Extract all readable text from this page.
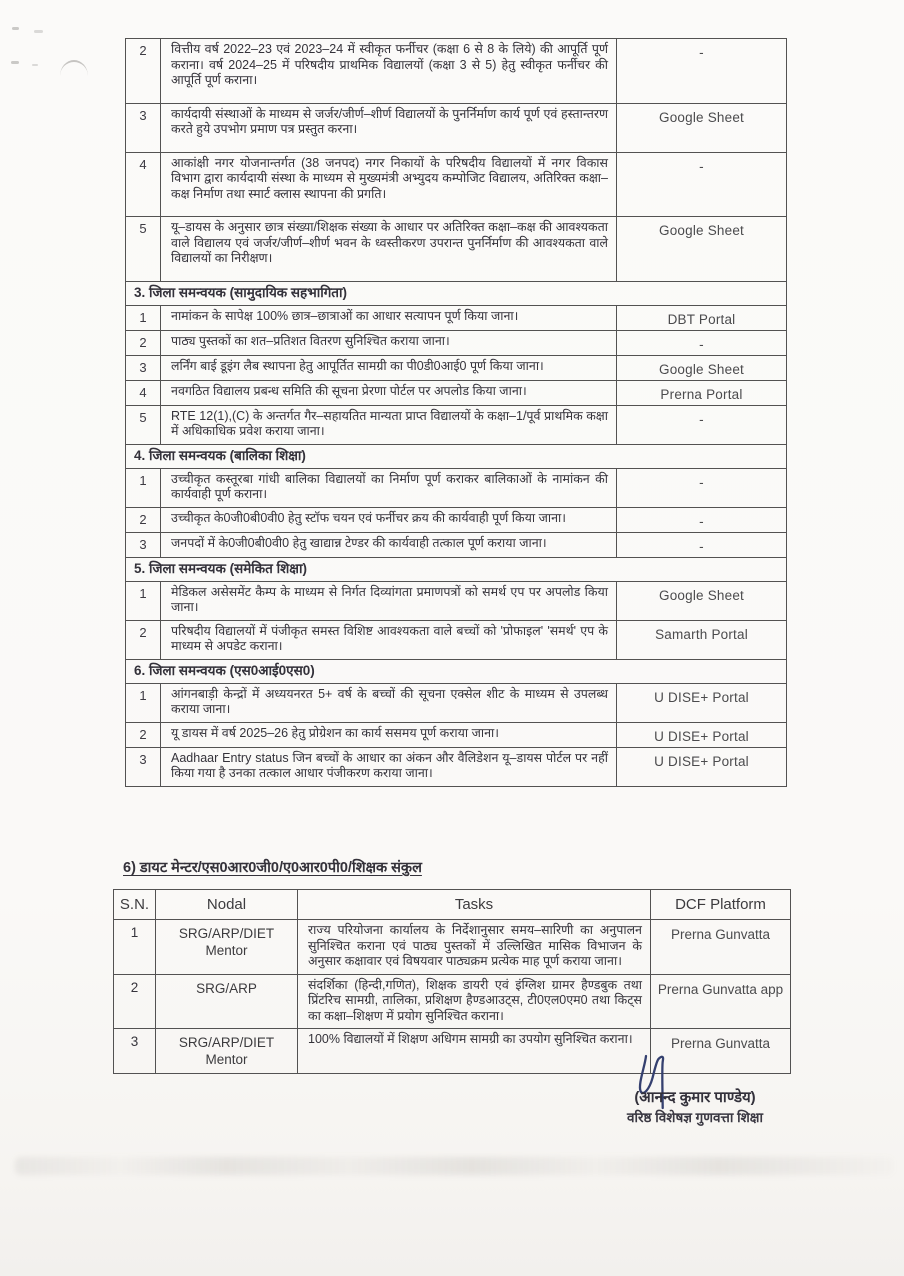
2	वित्तीय वर्ष 2022–23 एवं 2023–24 में स्वीकृत फर्नीचर (कक्षा 6 से 8 के लिये) की आपूर्ति पूर्ण कराना। वर्ष 2024–25 में परिषदीय प्राथमिक विद्यालयों (कक्षा 3 से 5) हेतु स्वीकृत फर्नीचर की आपूर्ति पूर्ण कराना।	-
3	कार्यदायी संस्थाओं के माध्यम से जर्जर/जीर्ण–शीर्ण विद्यालयों के पुनर्निर्माण कार्य पूर्ण एवं हस्तान्तरण करते हुये उपभोग प्रमाण पत्र प्रस्तुत करना।	Google Sheet
4	आकांक्षी नगर योजनान्तर्गत (38 जनपद) नगर निकायों के परिषदीय विद्यालयों में नगर विकास विभाग द्वारा कार्यदायी संस्था के माध्यम से मुख्यमंत्री अभ्युदय कम्पोजिट विद्यालय, अतिरिक्त कक्षा–कक्ष निर्माण तथा स्मार्ट क्लास स्थापना की प्रगति।	-
5	यू–डायस के अनुसार छात्र संख्या/शिक्षक संख्या के आधार पर अतिरिक्त कक्षा–कक्ष की आवश्यकता वाले विद्यालय एवं जर्जर/जीर्ण–शीर्ण भवन के ध्वस्तीकरण उपरान्त पुनर्निर्माण की आवश्यकता वाले विद्यालयों का निरीक्षण।	Google Sheet
3. जिला समन्वयक (सामुदायिक सहभागिता)		
1	नामांकन के सापेक्ष 100% छात्र–छात्राओं का आधार सत्यापन पूर्ण किया जाना।	DBT Portal
2	पाठ्य पुस्तकों का शत–प्रतिशत वितरण सुनिश्चित कराया जाना।	-
3	लर्निंग बाई डूइंग लैब स्थापना हेतु आपूर्तित सामग्री का पी0डी0आई0 पूर्ण किया जाना।	Google Sheet
4	नवगठित विद्यालय प्रबन्ध समिति की सूचना प्रेरणा पोर्टल पर अपलोड किया जाना।	Prerna Portal
5	RTE 12(1),(C) के अन्तर्गत गैर–सहायतित मान्यता प्राप्त विद्यालयों के कक्षा–1/पूर्व प्राथमिक कक्षा में अधिकाधिक प्रवेश कराया जाना।	-
4. जिला समन्वयक (बालिका शिक्षा)		
1	उच्चीकृत कस्तूरबा गांधी बालिका विद्यालयों का निर्माण पूर्ण कराकर बालिकाओं के नामांकन की कार्यवाही पूर्ण कराना।	-
2	उच्चीकृत के0जी0बी0वी0 हेतु स्टॉफ चयन एवं फर्नीचर क्रय की कार्यवाही पूर्ण किया जाना।	-
3	जनपदों में के0जी0बी0वी0 हेतु खाद्यान्न टेण्डर की कार्यवाही तत्काल पूर्ण कराया जाना।	-
5. जिला समन्वयक (समेकित शिक्षा)		
1	मेडिकल असेसमेंट कैम्प के माध्यम से निर्गत दिव्यांगता प्रमाणपत्रों को समर्थ एप पर अपलोड किया जाना।	Google Sheet
2	परिषदीय विद्यालयों में पंजीकृत समस्त विशिष्ट आवश्यकता वाले बच्चों को 'प्रोफाइल' 'समर्थ' एप के माध्यम से अपडेट कराना।	Samarth Portal
6. जिला समन्वयक (एस0आई0एस0)		
1	आंगनबाड़ी केन्द्रों में अध्ययनरत 5+ वर्ष के बच्चों की सूचना एक्सेल शीट के माध्यम से उपलब्ध कराया जाना।	U DISE+ Portal
2	यू डायस में वर्ष 2025–26 हेतु प्रोग्रेशन का कार्य ससमय पूर्ण कराया जाना।	U DISE+ Portal
3	Aadhaar Entry status जिन बच्चों के आधार का अंकन और वैलिडेशन यू–डायस पोर्टल पर नहीं किया गया है उनका तत्काल आधार पंजीकरण कराया जाना।	U DISE+ Portal
6) डायट मेन्टर/एस0आर0जी0/ए0आर0पी0/शिक्षक संकुल
S.N.	Nodal	Tasks	DCF Platform
1	SRG/ARP/DIET Mentor	राज्य परियोजना कार्यालय के निर्देशानुसार समय–सारिणी का अनुपालन सुनिश्चित कराना एवं पाठ्य पुस्तकों में उल्लिखित मासिक विभाजन के अनुसार कक्षावार एवं विषयवार पाठ्यक्रम प्रत्येक माह पूर्ण कराया जाना।	Prerna Gunvatta
2	SRG/ARP	संदर्शिका (हिन्दी,गणित), शिक्षक डायरी एवं इंग्लिश ग्रामर हैण्डबुक तथा प्रिंटरिच सामग्री, तालिका, प्रशिक्षण हैण्डआउट्स, टी0एल0एम0 तथा किट्स का कक्षा–शिक्षण में प्रयोग सुनिश्चित कराना।	Prerna Gunvatta app
3	SRG/ARP/DIET Mentor	100% विद्यालयों में शिक्षण अधिगम सामग्री का उपयोग सुनिश्चित कराना।	Prerna Gunvatta
(आनन्द कुमार पाण्डेय)
वरिष्ठ विशेषज्ञ गुणवत्ता शिक्षा
